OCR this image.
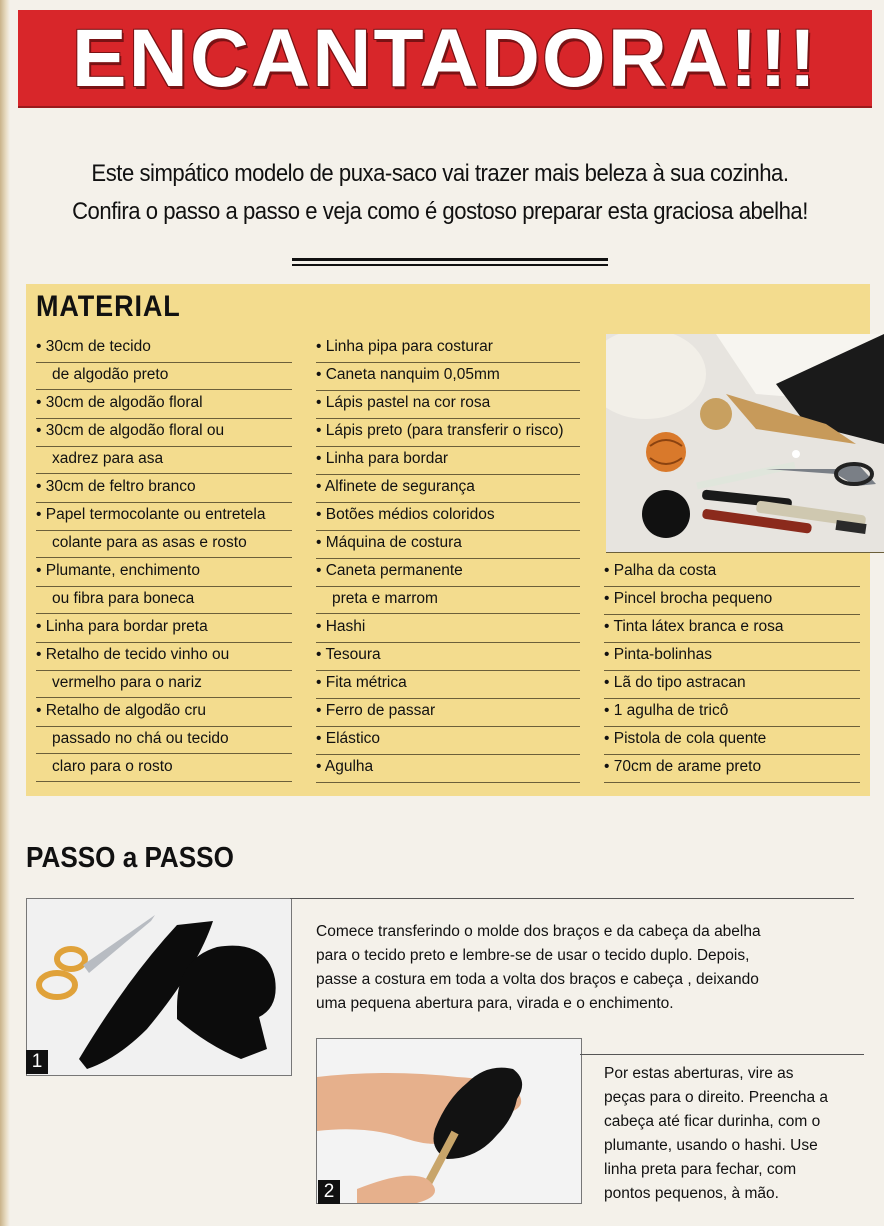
ENCANTADORA!!!
Este simpático modelo de puxa-saco vai trazer mais beleza à sua cozinha.
Confira o passo a passo e veja como é gostoso preparar esta graciosa abelha!
MATERIAL
• 30cm de tecido
de algodão preto
• 30cm de algodão floral
• 30cm de algodão floral ou
xadrez para asa
• 30cm de feltro branco
• Papel termocolante ou entretela
colante para as asas e rosto
• Plumante, enchimento
ou fibra para boneca
• Linha para bordar preta
• Retalho de tecido vinho ou
vermelho para o nariz
• Retalho de algodão cru
passado no chá ou tecido
claro para o rosto
• Linha pipa para costurar
• Caneta nanquim 0,05mm
• Lápis pastel na cor rosa
• Lápis preto (para transferir o risco)
• Linha para bordar
• Alfinete de segurança
• Botões médios coloridos
• Máquina de costura
• Caneta permanente
preta e marrom
• Hashi
• Tesoura
• Fita métrica
• Ferro de passar
• Elástico
• Agulha
• Palha da costa
• Pincel brocha pequeno
• Tinta látex branca e rosa
• Pinta-bolinhas
• Lã do tipo astracan
• 1 agulha de tricô
• Pistola de cola quente
• 70cm de arame preto
PASSO a PASSO
1
Comece transferindo o molde dos braços e da cabeça da abelha
para o tecido preto e lembre-se de usar o tecido duplo. Depois,
passe a costura em toda a volta dos braços e cabeça , deixando
uma pequena abertura para, virada e o enchimento.
2
Por estas aberturas, vire as
peças para o direito. Preencha a
cabeça até ficar durinha, com o
plumante, usando o hashi. Use
linha preta para fechar, com
pontos pequenos, à mão.
